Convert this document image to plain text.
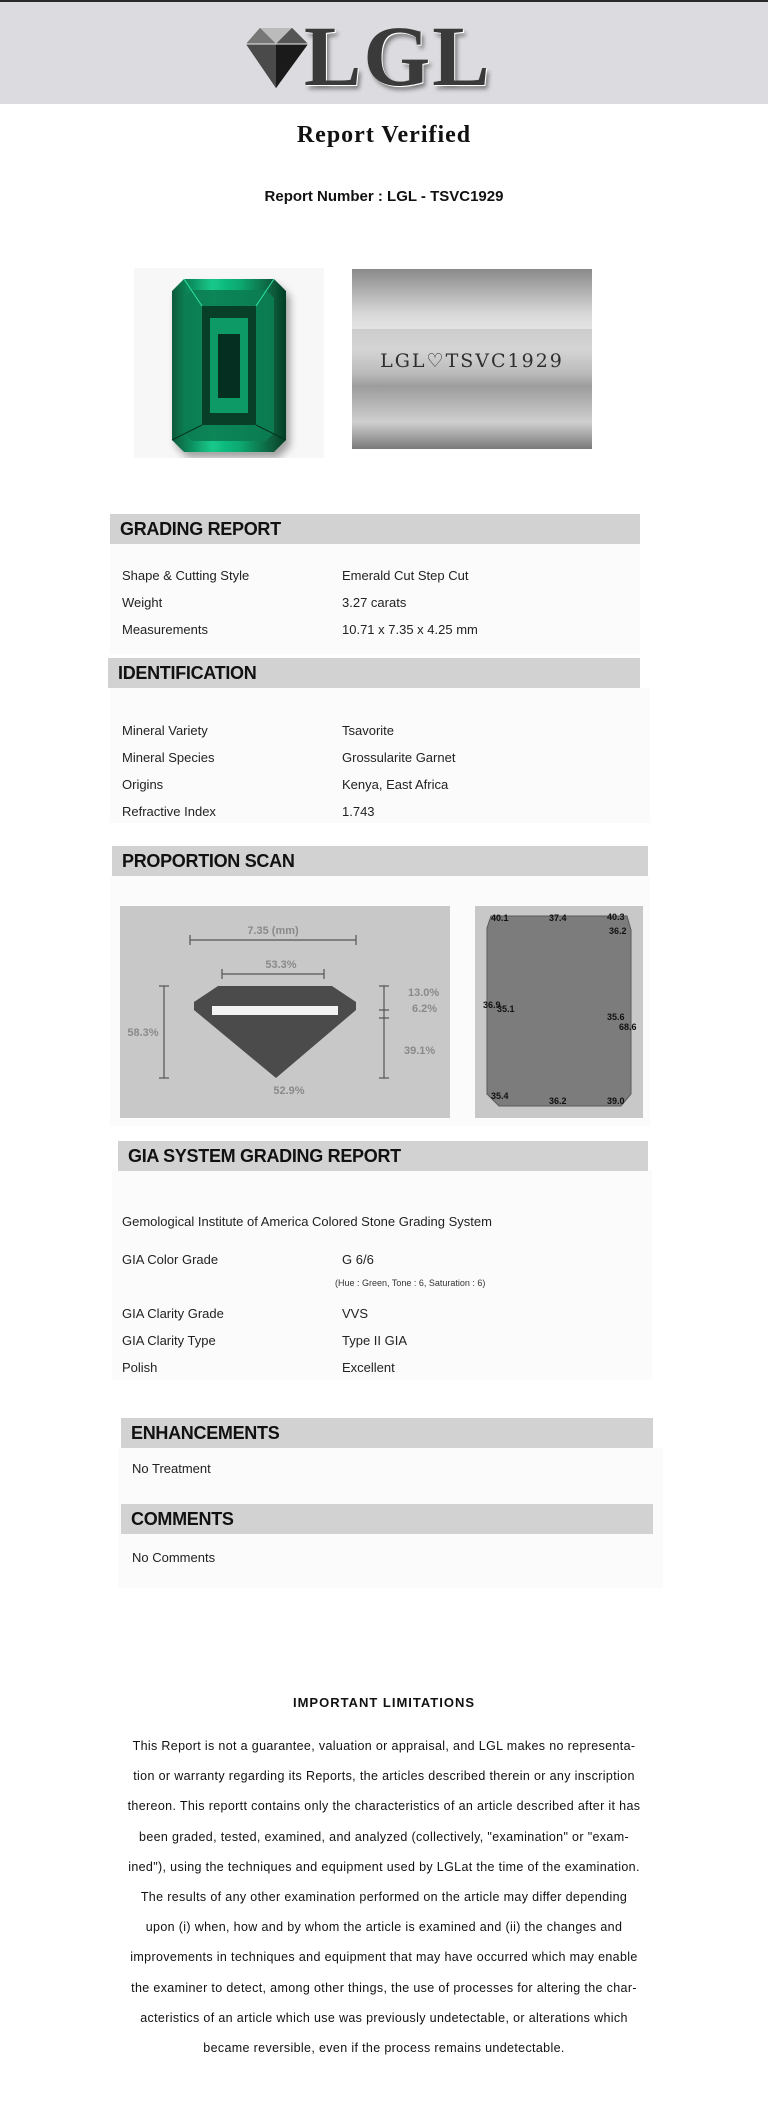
LGL
Report Verified
Report Number : LGL - TSVC1929
LGL♡TSVC1929
GRADING REPORT
Shape & Cutting Style	Emerald Cut Step Cut
Weight	3.27 carats
Measurements	10.71 x 7.35 x 4.25 mm
IDENTIFICATION
Mineral Variety	Tsavorite
Mineral Species	Grossularite Garnet
Origins	Kenya, East Africa
Refractive Index	1.743
PROPORTION SCAN
7.35 (mm)
53.3%
58.3%
13.0%
6.2%
39.1%
52.9%
40.1	37.4	40.3
36.2
36.9
35.1
35.6
68.6
35.4	36.2	39.0
GIA SYSTEM GRADING REPORT
Gemological Institute of America Colored Stone Grading System
GIA Color Grade	G 6/6
(Hue : Green, Tone : 6, Saturation : 6)
GIA Clarity Grade	VVS
GIA Clarity Type	Type II GIA
Polish	Excellent
ENHANCEMENTS
No Treatment
COMMENTS
No Comments
IMPORTANT LIMITATIONS
This Report is not a guarantee, valuation or appraisal, and LGL makes no representa-
tion or warranty regarding its Reports, the articles described therein or any inscription
thereon. This reportt contains only the characteristics of an article described after it has
been graded, tested, examined, and analyzed (collectively, "examination" or "exam-
ined"), using the techniques and equipment used by LGLat the time of the examination.
The results of any other examination performed on the article may differ depending
upon (i) when, how and by whom the article is examined and (ii) the changes and
improvements in techniques and equipment that may have occurred which may enable
the examiner to detect, among other things, the use of processes for altering the char-
acteristics of an article which use was previously undetectable, or alterations which
became reversible, even if the process remains undetectable.
